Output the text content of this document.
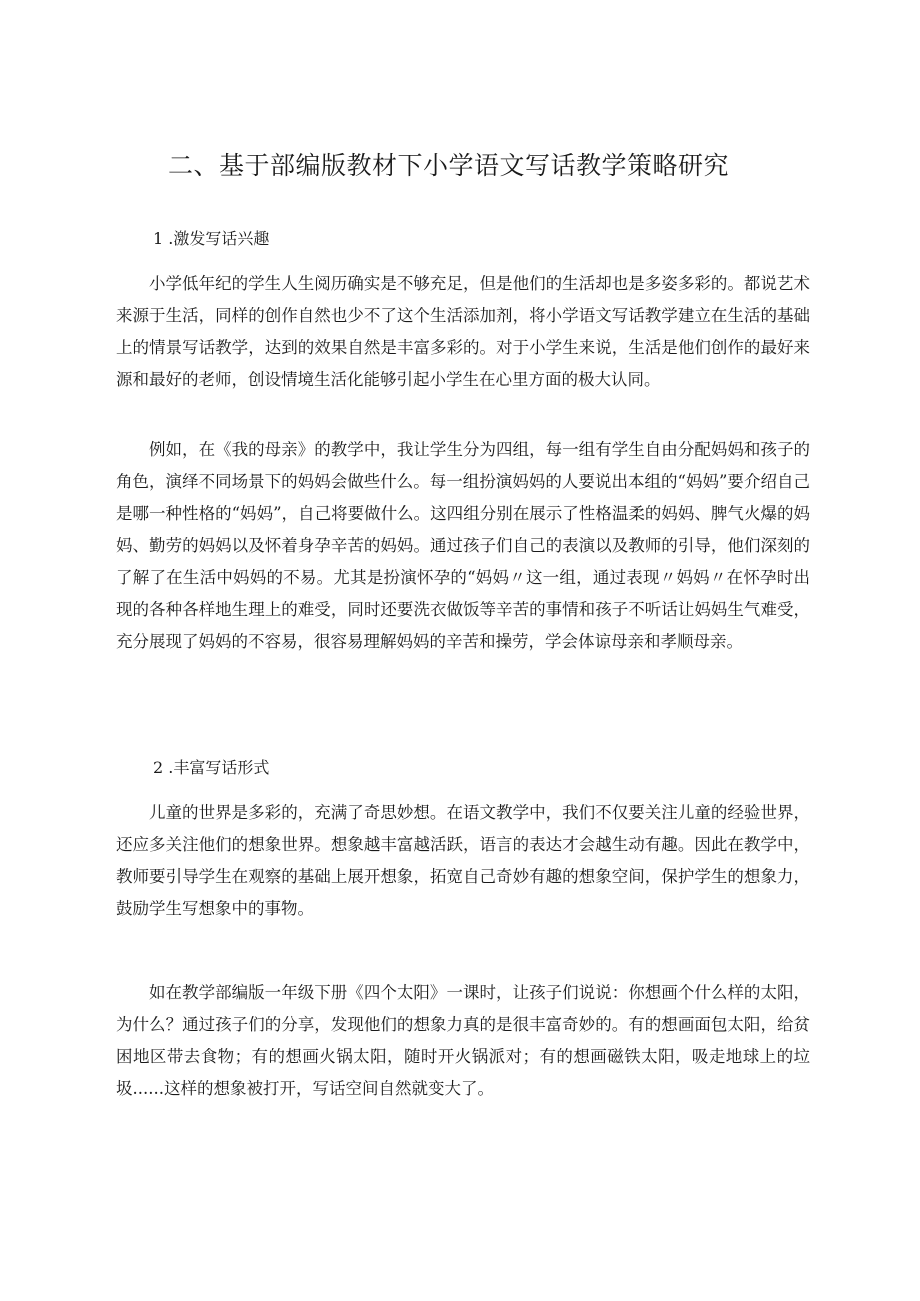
二、基于部编版教材下小学语文写话教学策略研究
1 .激发写话兴趣

小学低年纪的学生人生阅历确实是不够充足，但是他们的生活却也是多姿多彩的。都说艺术来源于生活，同样的创作自然也少不了这个生活添加剂，将小学语文写话教学建立在生活的基础上的情景写话教学，达到的效果自然是丰富多彩的。对于小学生来说，生活是他们创作的最好来源和最好的老师，创设情境生活化能够引起小学生在心里方面的极大认同。

例如，在《我的母亲》的教学中，我让学生分为四组，每一组有学生自由分配妈妈和孩子的角色，演绎不同场景下的妈妈会做些什么。每一组扮演妈妈的人要说出本组的“妈妈”要介绍自己是哪一种性格的“妈妈”，自己将要做什么。这四组分别在展示了性格温柔的妈妈、脾气火爆的妈妈、勤劳的妈妈以及怀着身孕辛苦的妈妈。通过孩子们自己的表演以及教师的引导，他们深刻的了解了在生活中妈妈的不易。尤其是扮演怀孕的“妈妈〃这一组，通过表现〃妈妈〃在怀孕时出现的各种各样地生理上的难受，同时还要洗衣做饭等辛苦的事情和孩子不听话让妈妈生气难受，充分展现了妈妈的不容易，很容易理解妈妈的辛苦和操劳，学会体谅母亲和孝顺母亲。

2 .丰富写话形式

儿童的世界是多彩的，充满了奇思妙想。在语文教学中，我们不仅要关注儿童的经验世界，还应多关注他们的想象世界。想象越丰富越活跃，语言的表达才会越生动有趣。因此在教学中，教师要引导学生在观察的基础上展开想象，拓宽自己奇妙有趣的想象空间，保护学生的想象力，鼓励学生写想象中的事物。

如在教学部编版一年级下册《四个太阳》一课时，让孩子们说说：你想画个什么样的太阳，为什么？通过孩子们的分享，发现他们的想象力真的是很丰富奇妙的。有的想画面包太阳，给贫困地区带去食物；有的想画火锅太阳，随时开火锅派对；有的想画磁铁太阳，吸走地球上的垃圾......这样的想象被打开，写话空间自然就变大了。
